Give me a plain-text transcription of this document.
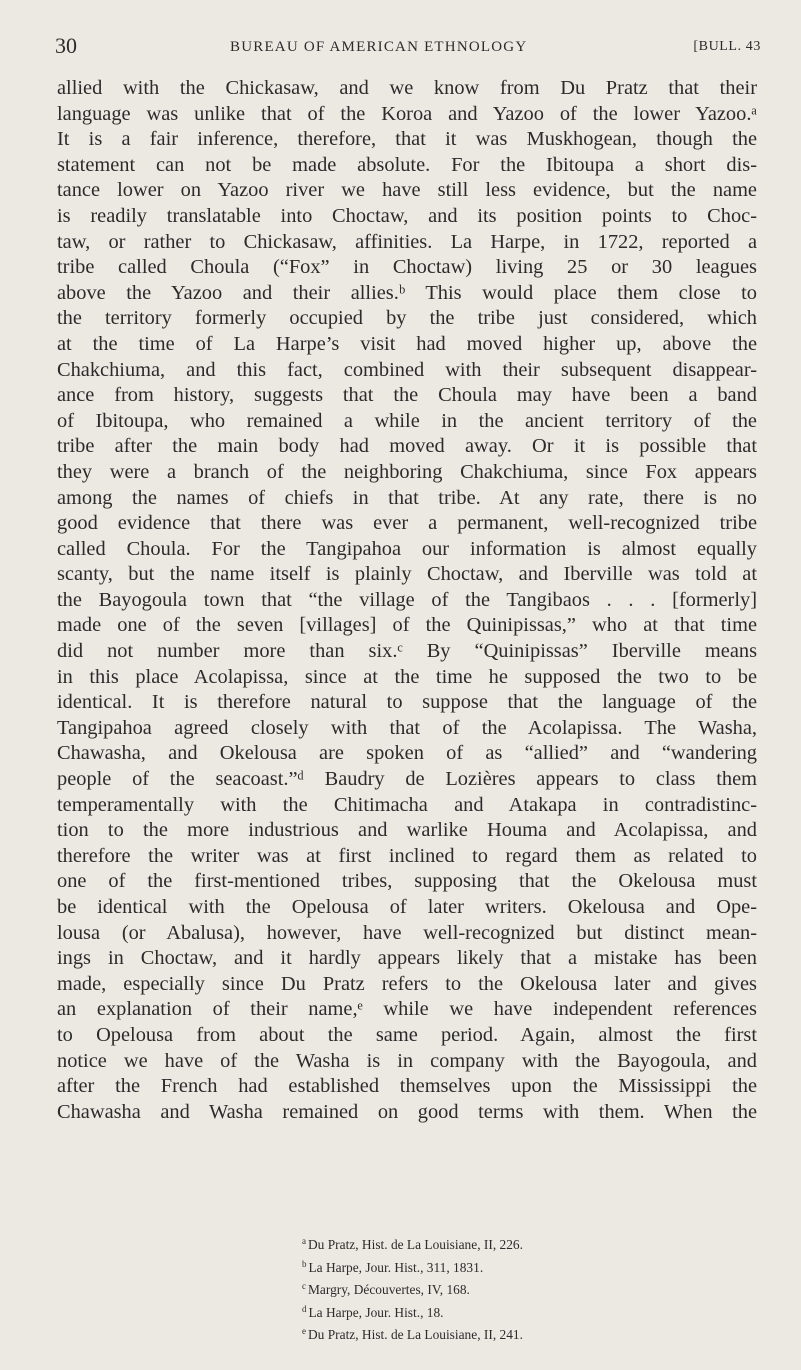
30	BUREAU OF AMERICAN ETHNOLOGY	[BULL. 43
allied with the Chickasaw, and we know from Du Pratz that their
language was unlike that of the Koroa and Yazoo of the lower Yazoo.ᵃ
It is a fair inference, therefore, that it was Muskhogean, though the
statement can not be made absolute. For the Ibitoupa a short dis-
tance lower on Yazoo river we have still less evidence, but the name
is readily translatable into Choctaw, and its position points to Choc-
taw, or rather to Chickasaw, affinities. La Harpe, in 1722, reported a
tribe called Choula (“Fox” in Choctaw) living 25 or 30 leagues
above the Yazoo and their allies.ᵇ This would place them close to
the territory formerly occupied by the tribe just considered, which
at the time of La Harpe’s visit had moved higher up, above the
Chakchiuma, and this fact, combined with their subsequent disappear-
ance from history, suggests that the Choula may have been a band
of Ibitoupa, who remained a while in the ancient territory of the
tribe after the main body had moved away. Or it is possible that
they were a branch of the neighboring Chakchiuma, since Fox appears
among the names of chiefs in that tribe. At any rate, there is no
good evidence that there was ever a permanent, well-recognized tribe
called Choula. For the Tangipahoa our information is almost equally
scanty, but the name itself is plainly Choctaw, and Iberville was told at
the Bayogoula town that “the village of the Tangibaos . . . [formerly]
made one of the seven [villages] of the Quinipissas,” who at that time
did not number more than six.ᶜ By “Quinipissas” Iberville means
in this place Acolapissa, since at the time he supposed the two to be
identical. It is therefore natural to suppose that the language of the
Tangipahoa agreed closely with that of the Acolapissa. The Washa,
Chawasha, and Okelousa are spoken of as “allied” and “wandering
people of the seacoast.”ᵈ Baudry de Lozières appears to class them
temperamentally with the Chitimacha and Atakapa in contradistinc-
tion to the more industrious and warlike Houma and Acolapissa, and
therefore the writer was at first inclined to regard them as related to
one of the first-mentioned tribes, supposing that the Okelousa must
be identical with the Opelousa of later writers. Okelousa and Ope-
lousa (or Abalusa), however, have well-recognized but distinct mean-
ings in Choctaw, and it hardly appears likely that a mistake has been
made, especially since Du Pratz refers to the Okelousa later and gives
an explanation of their name,ᵉ while we have independent references
to Opelousa from about the same period. Again, almost the first
notice we have of the Washa is in company with the Bayogoula, and
after the French had established themselves upon the Mississippi the
Chawasha and Washa remained on good terms with them. When the
$^a$ Du Pratz, Hist. de La Louisiane, II, 226.
$^b$ La Harpe, Jour. Hist., 311, 1831.
$^c$ Margry, Découvertes, IV, 168.
$^d$ La Harpe, Jour. Hist., 18.
$^e$ Du Pratz, Hist. de La Louisiane, II, 241.
